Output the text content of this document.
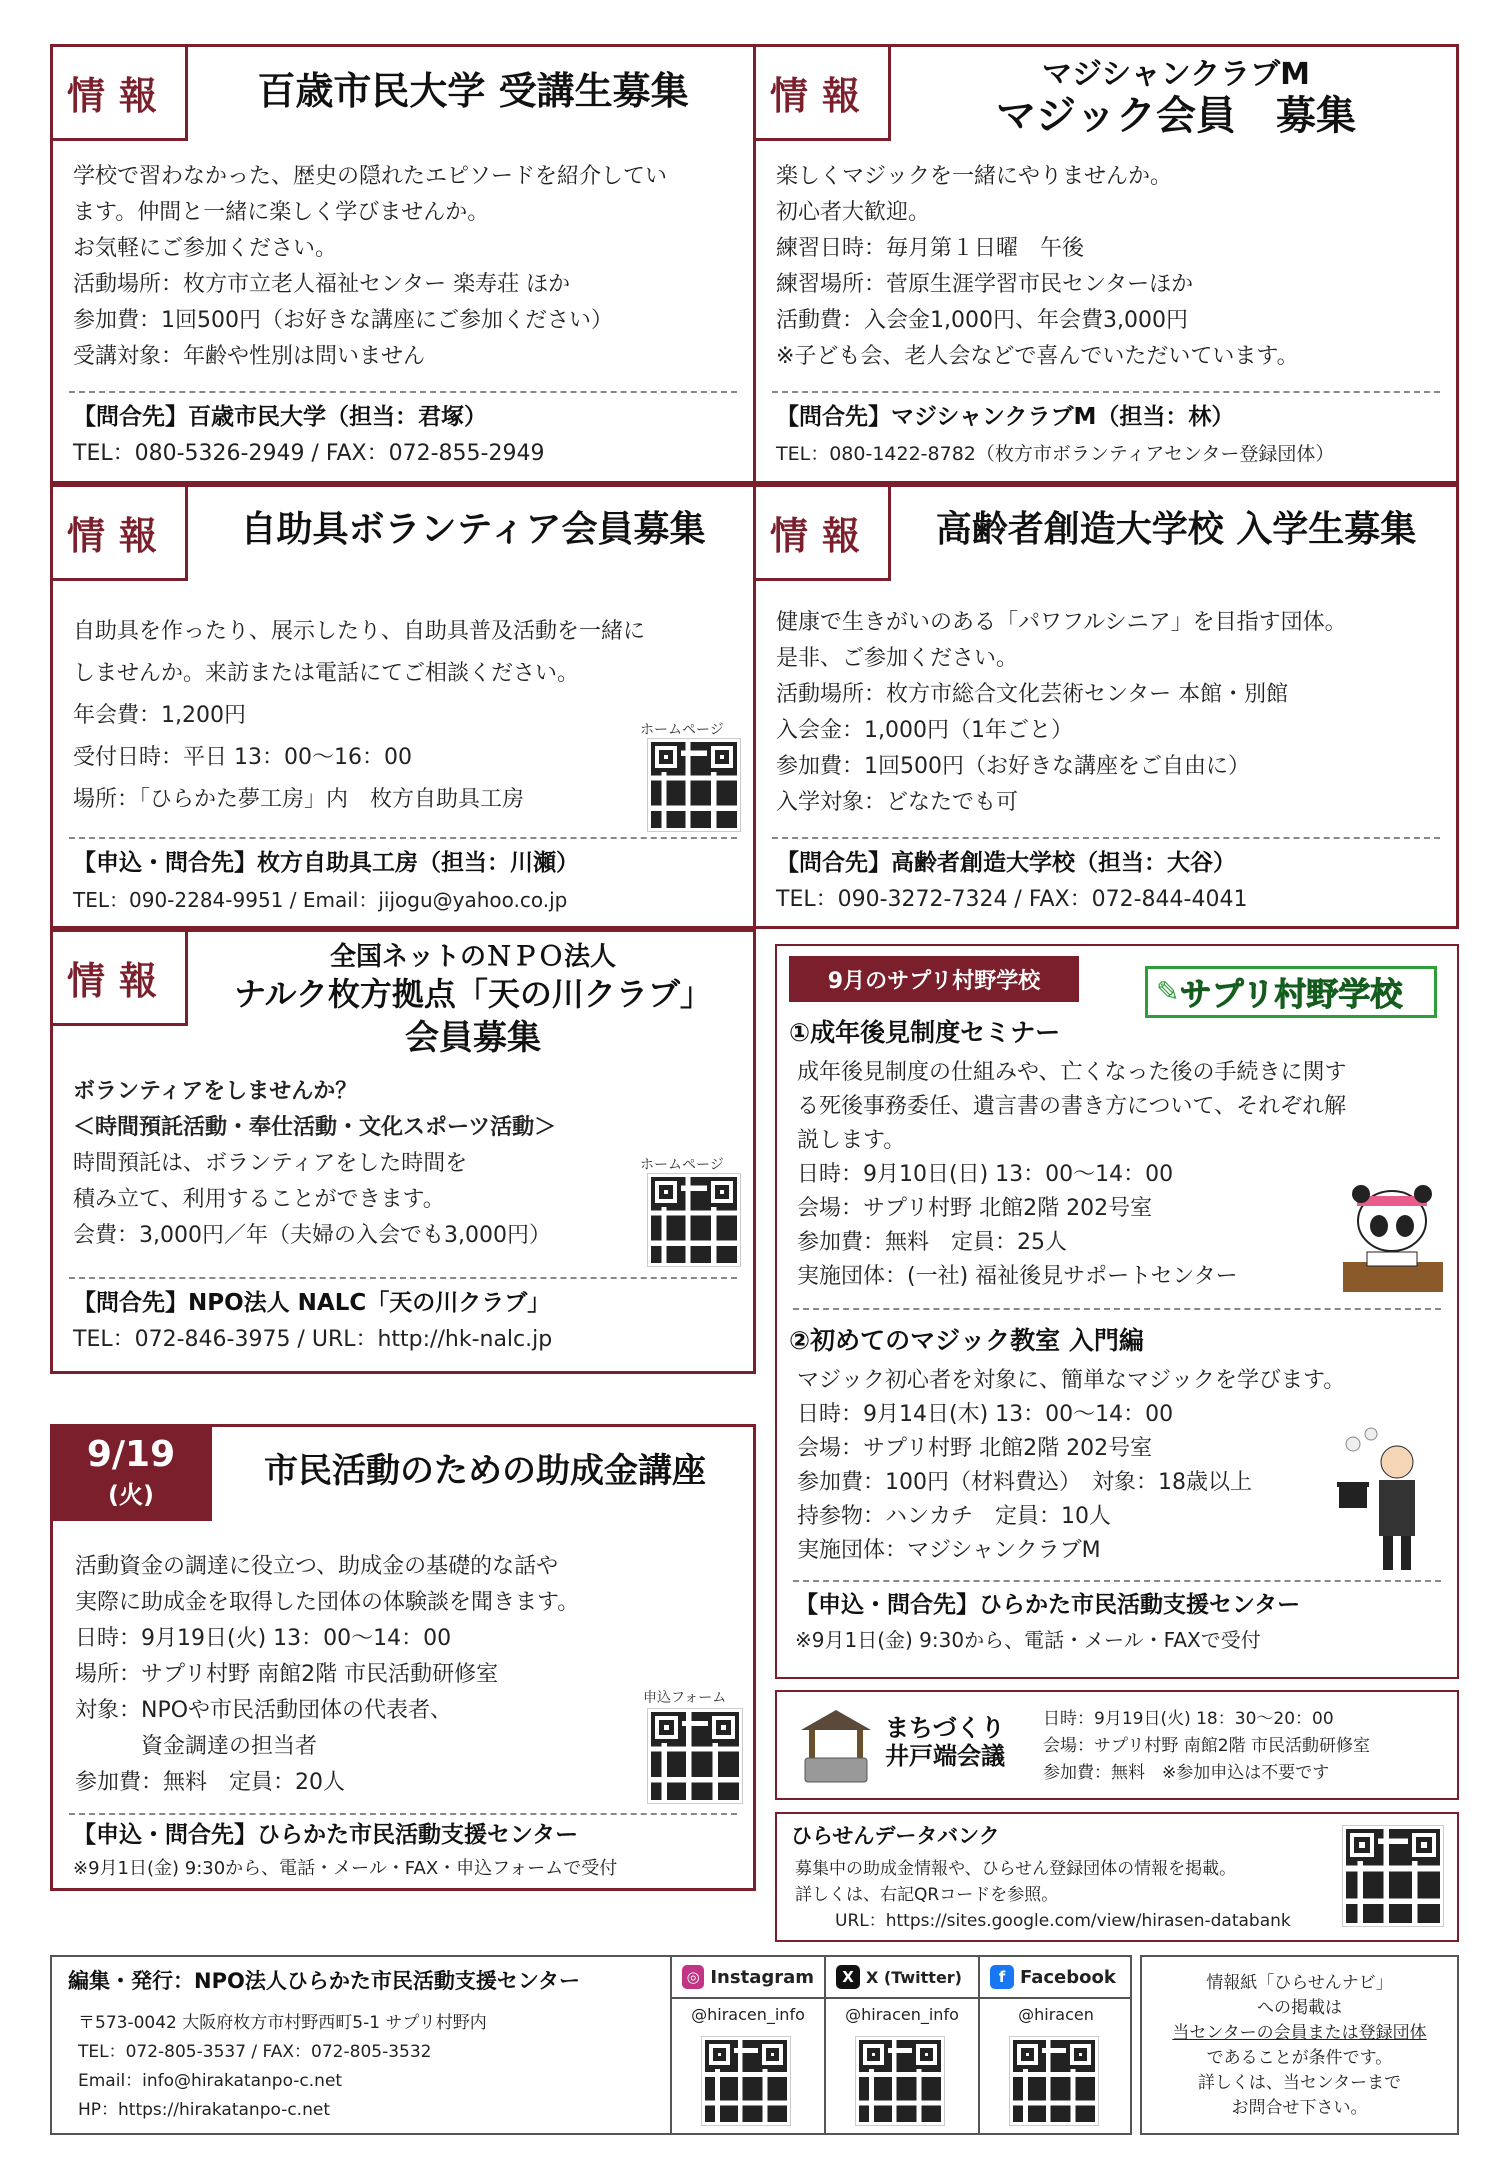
情報	百歳市民大学 受講生募集

学校で習わなかった、歴史の隠れたエピソードを紹介してい

ます。仲間と一緒に楽しく学びませんか。

お気軽にご参加ください。

活動場所：枚方市立老人福祉センター 楽寿荘 ほか

参加費：1回500円（お好きな講座にご参加ください）

受講対象：年齢や性別は問いません

【問合先】百歳市民大学（担当：君塚）
TEL：080-5326-2949 / FAX：072-855-2949
情報	マジシャンクラブM
マジック会員　募集

楽しくマジックを一緒にやりませんか。

初心者大歓迎。

練習日時：毎月第１日曜　午後

練習場所：菅原生涯学習市民センターほか

活動費：入会金1,000円、年会費3,000円

※子ども会、老人会などで喜んでいただいています。

【問合先】マジシャンクラブM（担当：林）
TEL：080-1422-8782（枚方市ボランティアセンター登録団体）
情報	自助具ボランティア会員募集

自助具を作ったり、展示したり、自助具普及活動を一緒に

しませんか。来訪または電話にてご相談ください。

年会費：1,200円

受付日時：平日 13：00〜16：00

場所：「ひらかた夢工房」内　枚方自助具工房

ホームページ
【申込・問合先】枚方自助具工房（担当：川瀬）
TEL：090-2284-9951 / Email：jijogu@yahoo.co.jp
情報	高齢者創造大学校 入学生募集

健康で生きがいのある「パワフルシニア」を目指す団体。

是非、ご参加ください。

活動場所：枚方市総合文化芸術センター 本館・別館

入会金：1,000円（1年ごと）

参加費：1回500円（お好きな講座をご自由に）

入学対象：どなたでも可

【問合先】高齢者創造大学校（担当：大谷）
TEL：090-3272-7324 / FAX：072-844-4041
情報
全国ネットのＮＰＯ法人
ナルク枚方拠点「天の川クラブ」
会員募集

ボランティアをしませんか？

＜時間預託活動・奉仕活動・文化スポーツ活動＞

時間預託は、ボランティアをした時間を

積み立て、利用することができます。

会費：3,000円／年（夫婦の入会でも3,000円）

ホームページ
【問合先】NPO法人 NALC「天の川クラブ」
TEL：072-846-3975 / URL：http://hk-nalc.jp
9月のサプリ村野学校	✎ サプリ村野学校
①成年後見制度セミナー

成年後見制度の仕組みや、亡くなった後の手続きに関す

る死後事務委任、遺言書の書き方について、それぞれ解

説します。

日時：9月10日(日) 13：00〜14：00

会場：サプリ村野 北館2階 202号室

参加費：無料　定員：25人

実施団体：(一社) 福祉後見サポートセンター

②初めてのマジック教室 入門編

マジック初心者を対象に、簡単なマジックを学びます。

日時：9月14日(木) 13：00〜14：00

会場：サプリ村野 北館2階 202号室

参加費：100円（材料費込）　対象：18歳以上

持参物：ハンカチ　定員：10人

実施団体：マジシャンクラブM

【申込・問合先】ひらかた市民活動支援センター
※9月1日(金) 9:30から、電話・メール・FAXで受付
9/19
(火)
市民活動のための助成金講座

活動資金の調達に役立つ、助成金の基礎的な話や

実際に助成金を取得した団体の体験談を聞きます。

日時：9月19日(火) 13：00〜14：00

場所：サプリ村野 南館2階 市民活動研修室

対象：NPOや市民活動団体の代表者、

　　　資金調達の担当者

参加費：無料　定員：20人

申込フォーム
【申込・問合先】ひらかた市民活動支援センター
※9月1日(金) 9:30から、電話・メール・FAX・申込フォームで受付
まちづくり
井戸端会議

日時：9月19日(火) 18：30〜20：00

会場：サプリ村野 南館2階 市民活動研修室

参加費：無料　※参加申込は不要です

ひらせんデータバンク

募集中の助成金情報や、ひらせん登録団体の情報を掲載。

詳しくは、右記QRコードを参照。

URL：https://sites.google.com/view/hirasen-databank

編集・発行：NPO法人ひらかた市民活動支援センター

〒573-0042 大阪府枚方市村野西町5-1 サプリ村野内

TEL：072-805-3537 / FAX：072-805-3532

Email：info@hirakatanpo-c.net

HP：https://hirakatanpo-c.net

◎ Instagram
@hiracen_info
X X (Twitter)
@hiracen_info
f Facebook
@hiracen

情報紙「ひらせんナビ」

への掲載は

当センターの会員または登録団体

であることが条件です。

詳しくは、当センターまで

お問合せ下さい。
